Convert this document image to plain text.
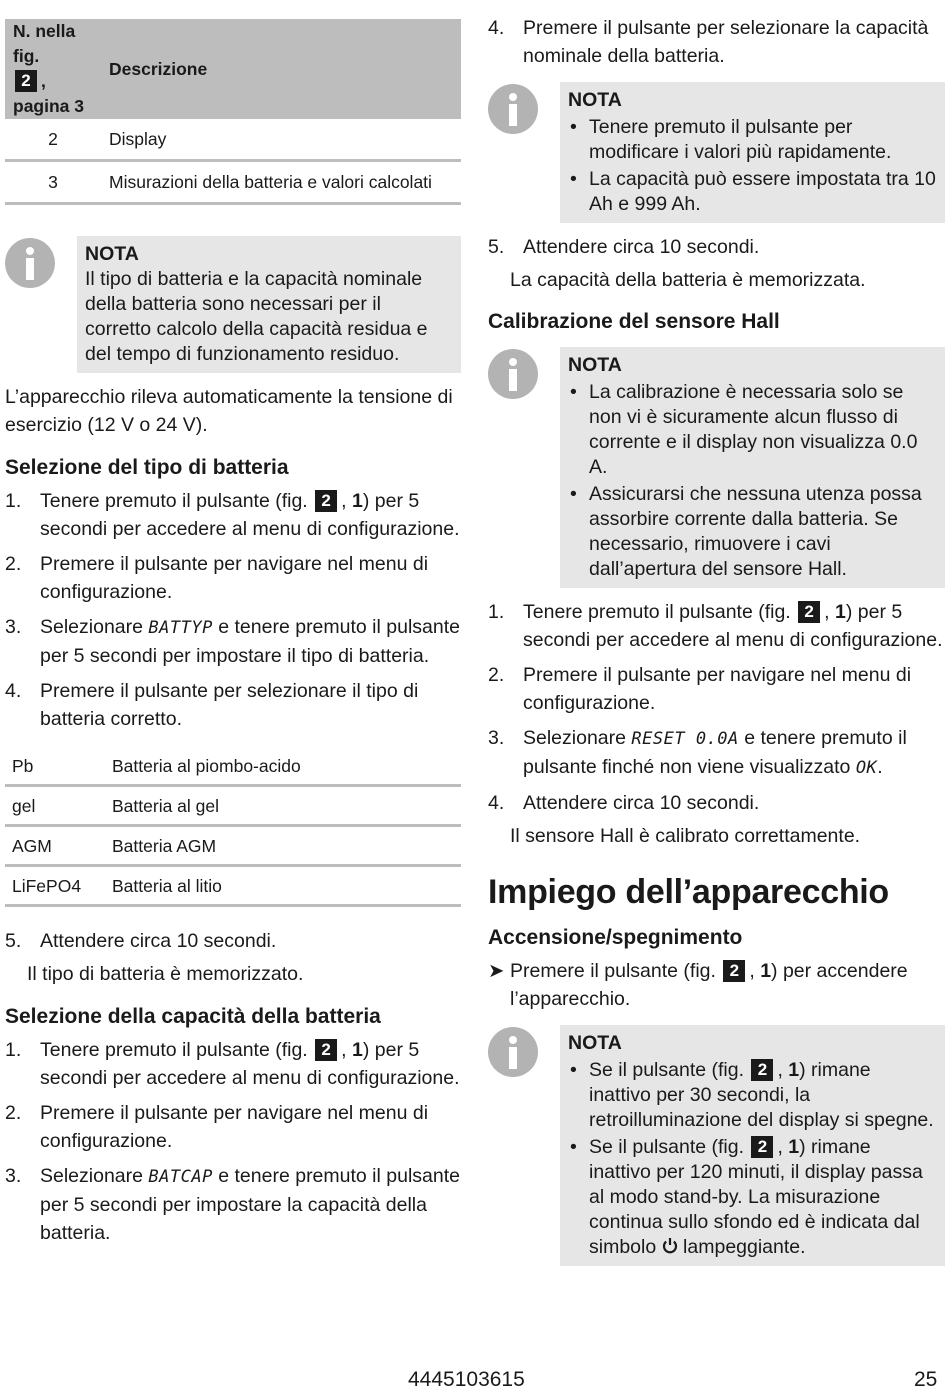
N. nella fig.
2 , pagina 3	Descrizione
2	Display
3	Misurazioni della batteria e valori calcolati
NOTA
Il tipo di batteria e la capacità nominale della batteria sono necessari per il corretto calcolo della capacità residua e del tempo di funzionamento residuo.

L’apparecchio rileva automaticamente la tensione di esercizio (12 V o 24 V).

Selezione del tipo di batteria
1. Tenere premuto il pulsante (fig. 2 , 1) per 5 secondi per accedere al menu di configurazione.
2. Premere il pulsante per navigare nel menu di configurazione.
3. Selezionare BATTYP e tenere premuto il pulsante per 5 secondi per impostare il tipo di batteria.
4. Premere il pulsante per selezionare il tipo di batteria corretto.
Pb	Batteria al piombo-acido
gel	Batteria al gel
AGM	Batteria AGM
LiFePO4	Batteria al litio
5. Attendere circa 10 secondi.
Il tipo di batteria è memorizzato.
Selezione della capacità della batteria
1. Tenere premuto il pulsante (fig. 2 , 1) per 5 secondi per accedere al menu di configurazione.
2. Premere il pulsante per navigare nel menu di configurazione.
3. Selezionare BATCAP e tenere premuto il pulsante per 5 secondi per impostare la capacità della batteria.
4. Premere il pulsante per selezionare la capacità nominale della batteria.
NOTA
• Tenere premuto il pulsante per modificare i valori più rapidamente.
• La capacità può essere impostata tra 10 Ah e 999 Ah.
5. Attendere circa 10 secondi.
La capacità della batteria è memorizzata.
Calibrazione del sensore Hall
NOTA
• La calibrazione è necessaria solo se non vi è sicuramente alcun flusso di corrente e il display non visualizza 0.0 A.
• Assicurarsi che nessuna utenza possa assorbire corrente dalla batteria. Se necessario, rimuovere i cavi dall’apertura del sensore Hall.
1. Tenere premuto il pulsante (fig. 2 , 1) per 5 secondi per accedere al menu di configurazione.
2. Premere il pulsante per navigare nel menu di configurazione.
3. Selezionare RESET 0.0A e tenere premuto il pulsante finché non viene visualizzato OK.
4. Attendere circa 10 secondi.
Il sensore Hall è calibrato correttamente.
Impiego dell’apparecchio
Accensione/spegnimento
➤ Premere il pulsante (fig. 2 , 1) per accendere l’apparecchio.
NOTA
• Se il pulsante (fig. 2 , 1) rimane inattivo per 30 secondi, la retroilluminazione del display si spegne.
• Se il pulsante (fig. 2 , 1) rimane inattivo per 120 minuti, il display passa al modo stand-by. La misurazione continua sullo sfondo ed è indicata dal simbolo lampeggiante.
4445103615	25
